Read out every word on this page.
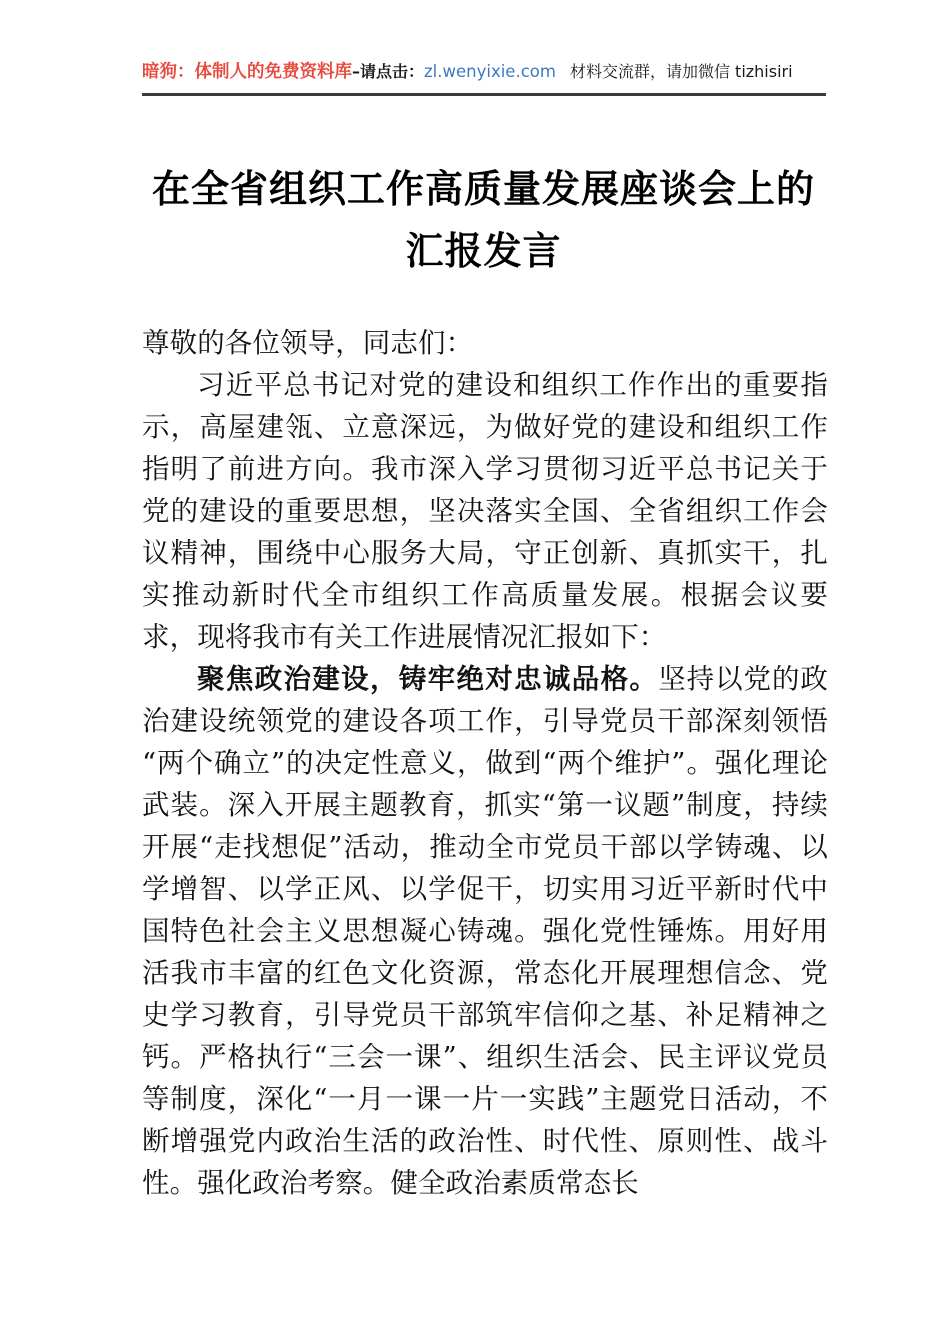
暗狗：体制人的免费资料库–请点击：zl.wenyixie.com 材料交流群，请加微信 tizhisiri
在全省组织工作高质量发展座谈会上的汇报发言

尊敬的各位领导，同志们：

习近平总书记对党的建设和组织工作作出的重要指示，高屋建瓴、立意深远，为做好党的建设和组织工作指明了前进方向。我市深入学习贯彻习近平总书记关于党的建设的重要思想，坚决落实全国、全省组织工作会议精神，围绕中心服务大局，守正创新、真抓实干，扎实推动新时代全市组织工作高质量发展。根据会议要求，现将我市有关工作进展情况汇报如下：

聚焦政治建设，铸牢绝对忠诚品格。坚持以党的政治建设统领党的建设各项工作，引导党员干部深刻领悟“两个确立”的决定性意义，做到“两个维护”。强化理论武装。深入开展主题教育，抓实“第一议题”制度，持续开展“走找想促”活动，推动全市党员干部以学铸魂、以学增智、以学正风、以学促干，切实用习近平新时代中国特色社会主义思想凝心铸魂。强化党性锤炼。用好用活我市丰富的红色文化资源，常态化开展理想信念、党史学习教育，引导党员干部筑牢信仰之基、补足精神之钙。严格执行“三会一课”、组织生活会、民主评议党员等制度，深化“一月一课一片一实践”主题党日活动，不断增强党内政治生活的政治性、时代性、原则性、战斗性。强化政治考察。健全政治素质常态长
